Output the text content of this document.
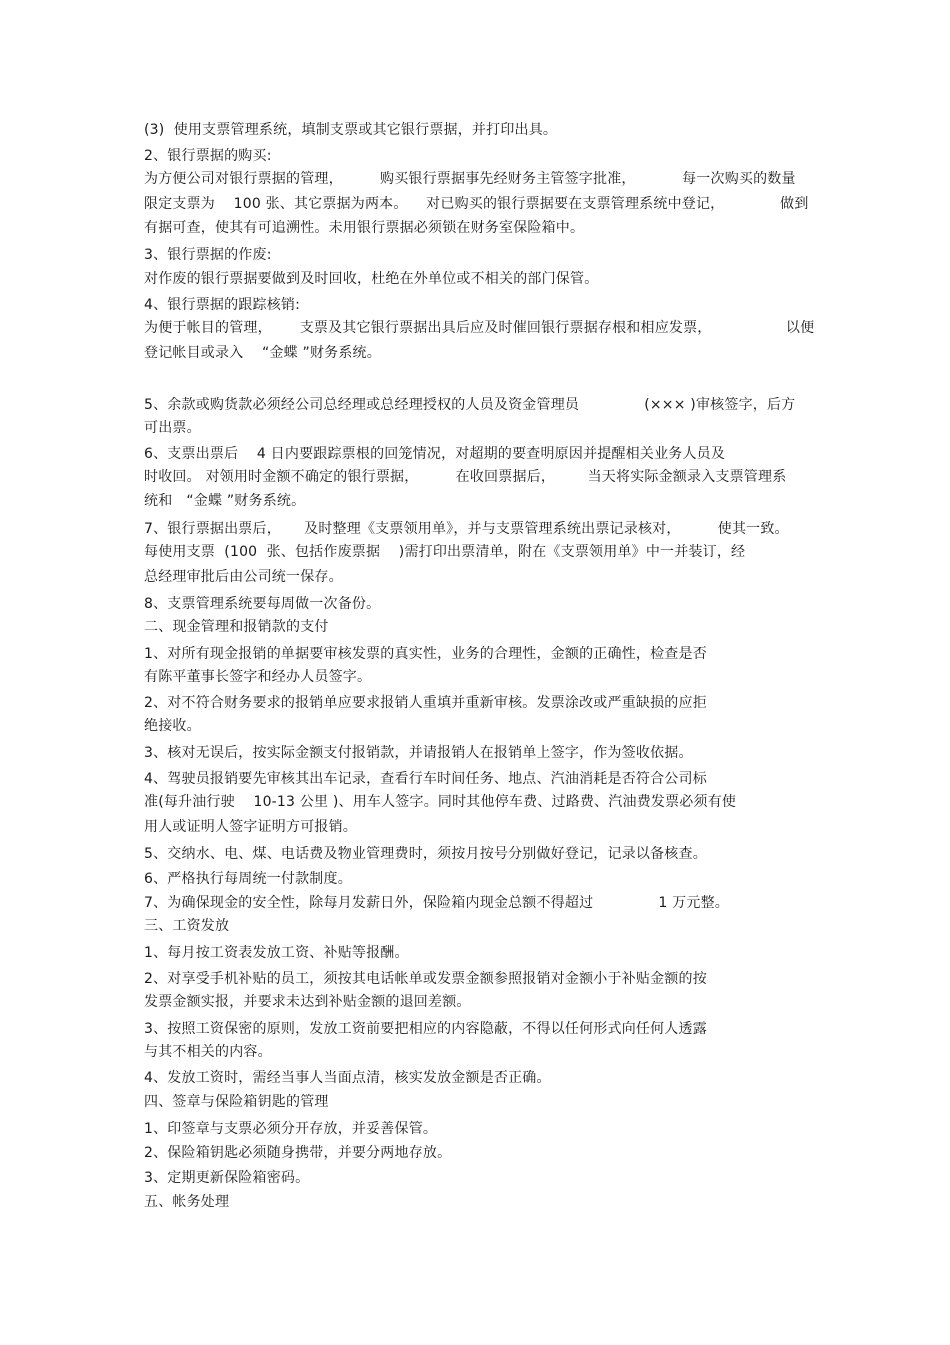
(3)  使用支票管理系统，填制支票或其它银行票据，并打印出具。
2、银行票据的购买:
为方便公司对银行票据的管理，        购买银行票据事先经财务主管签字批准，          每一次购买的数量
限定支票为    100 张、其它票据为两本。    对已购买的银行票据要在支票管理系统中登记，            做到
有据可查，使其有可追溯性。未用银行票据必须锁在财务室保险箱中。
3、银行票据的作废:
对作废的银行票据要做到及时回收，杜绝在外单位或不相关的部门保管。
4、银行票据的跟踪核销:
为便于帐目的管理，      支票及其它银行票据出具后应及时催回银行票据存根和相应发票，                以便
登记帐目或录入    “金蝶 ”财务系统。
5、余款或购货款必须经公司总经理或总经理授权的人员及资金管理员              (××× )审核签字，后方
可出票。
6、支票出票后    4 日内要跟踪票根的回笼情况，对超期的要查明原因并提醒相关业务人员及
时收回。 对领用时金额不确定的银行票据，        在收回票据后，       当天将实际金额录入支票管理系
统和   “金蝶 ”财务系统。
7、银行票据出票后，     及时整理《支票领用单》，并与支票管理系统出票记录核对，        使其一致。
每使用支票  (100  张、包括作废票据    )需打印出票清单，附在《支票领用单》中一并装订，经
总经理审批后由公司统一保存。
8、支票管理系统要每周做一次备份。
二、现金管理和报销款的支付
1、对所有现金报销的单据要审核发票的真实性，业务的合理性，金额的正确性，检查是否
有陈平董事长签字和经办人员签字。
2、对不符合财务要求的报销单应要求报销人重填并重新审核。发票涂改或严重缺损的应拒
绝接收。
3、核对无误后，按实际金额支付报销款，并请报销人在报销单上签字，作为签收依据。
4、驾驶员报销要先审核其出车记录，查看行车时间任务、地点、汽油消耗是否符合公司标
准(每升油行驶    10-13 公里 )、用车人签字。同时其他停车费、过路费、汽油费发票必须有使
用人或证明人签字证明方可报销。
5、交纳水、电、煤、电话费及物业管理费时，须按月按号分别做好登记，记录以备核查。
6、严格执行每周统一付款制度。
7、为确保现金的安全性，除每月发薪日外，保险箱内现金总额不得超过              1 万元整。
三、工资发放
1、每月按工资表发放工资、补贴等报酬。
2、对享受手机补贴的员工，须按其电话帐单或发票金额参照报销对金额小于补贴金额的按
发票金额实报，并要求未达到补贴金额的退回差额。
3、按照工资保密的原则，发放工资前要把相应的内容隐蔽，不得以任何形式向任何人透露
与其不相关的内容。
4、发放工资时，需经当事人当面点清，核实发放金额是否正确。
四、签章与保险箱钥匙的管理
1、印签章与支票必须分开存放，并妥善保管。
2、保险箱钥匙必须随身携带，并要分两地存放。
3、定期更新保险箱密码。
五、帐务处理
